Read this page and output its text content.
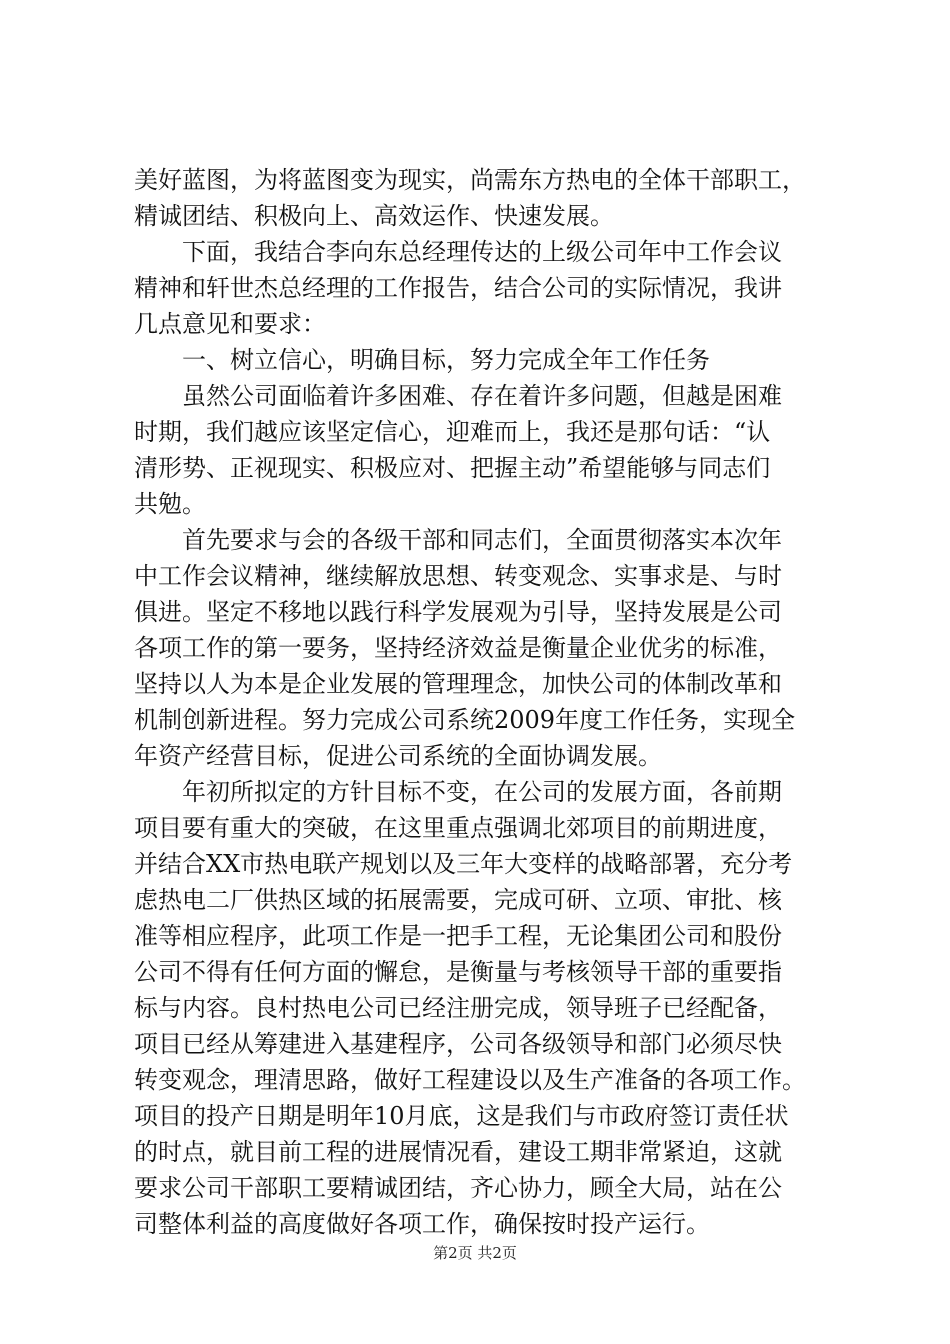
美好蓝图，为将蓝图变为现实，尚需东方热电的全体干部职工，
精诚团结、积极向上、高效运作、快速发展。
　　下面，我结合李向东总经理传达的上级公司年中工作会议
精神和轩世杰总经理的工作报告，结合公司的实际情况，我讲
几点意见和要求：
　　一、树立信心，明确目标，努力完成全年工作任务
　　虽然公司面临着许多困难、存在着许多问题，但越是困难
时期，我们越应该坚定信心，迎难而上，我还是那句话：“认
清形势、正视现实、积极应对、把握主动”希望能够与同志们
共勉。
　　首先要求与会的各级干部和同志们，全面贯彻落实本次年
中工作会议精神，继续解放思想、转变观念、实事求是、与时
俱进。坚定不移地以践行科学发展观为引导，坚持发展是公司
各项工作的第一要务，坚持经济效益是衡量企业优劣的标准，
坚持以人为本是企业发展的管理理念，加快公司的体制改革和
机制创新进程。努力完成公司系统2009年度工作任务，实现全
年资产经营目标，促进公司系统的全面协调发展。
　　年初所拟定的方针目标不变，在公司的发展方面，各前期
项目要有重大的突破，在这里重点强调北郊项目的前期进度，
并结合XX市热电联产规划以及三年大变样的战略部署，充分考
虑热电二厂供热区域的拓展需要，完成可研、立项、审批、核
准等相应程序，此项工作是一把手工程，无论集团公司和股份
公司不得有任何方面的懈怠，是衡量与考核领导干部的重要指
标与内容。良村热电公司已经注册完成，领导班子已经配备，
项目已经从筹建进入基建程序，公司各级领导和部门必须尽快
转变观念，理清思路，做好工程建设以及生产准备的各项工作。
项目的投产日期是明年10月底，这是我们与市政府签订责任状
的时点，就目前工程的进展情况看，建设工期非常紧迫，这就
要求公司干部职工要精诚团结，齐心协力，顾全大局，站在公
司整体利益的高度做好各项工作，确保按时投产运行。
第2页 共2页
